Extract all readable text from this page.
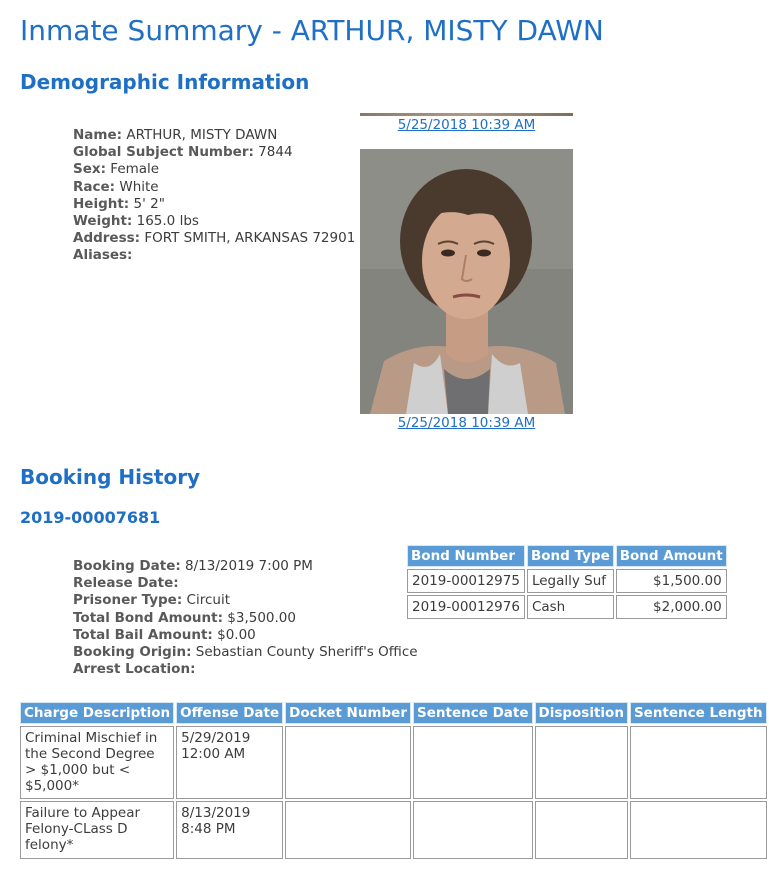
Inmate Summary - ARTHUR, MISTY DAWN
Demographic Information
Name: ARTHUR, MISTY DAWN
Global Subject Number: 7844
Sex: Female
Race: White
Height: 5' 2"
Weight: 165.0 lbs
Address: FORT SMITH, ARKANSAS 72901
Aliases:
5/25/2018 10:39 AM
5/25/2018 10:39 AM
Booking History
2019-00007681
Booking Date: 8/13/2019 7:00 PM
Release Date:
Prisoner Type: Circuit
Total Bond Amount: $3,500.00
Total Bail Amount: $0.00
Booking Origin: Sebastian County Sheriff's Office
Arrest Location:
Bond Number	Bond Type	Bond Amount
2019-00012975	Legally Suf	$1,500.00
2019-00012976	Cash	$2,000.00
Charge Description	Offense Date	Docket Number	Sentence Date	Disposition	Sentence Length
Criminal Mischief in the Second Degree > $1,000 but < $5,000*	5/29/2019 12:00 AM				
Failure to Appear Felony-CLass D felony*	8/13/2019 8:48 PM				
